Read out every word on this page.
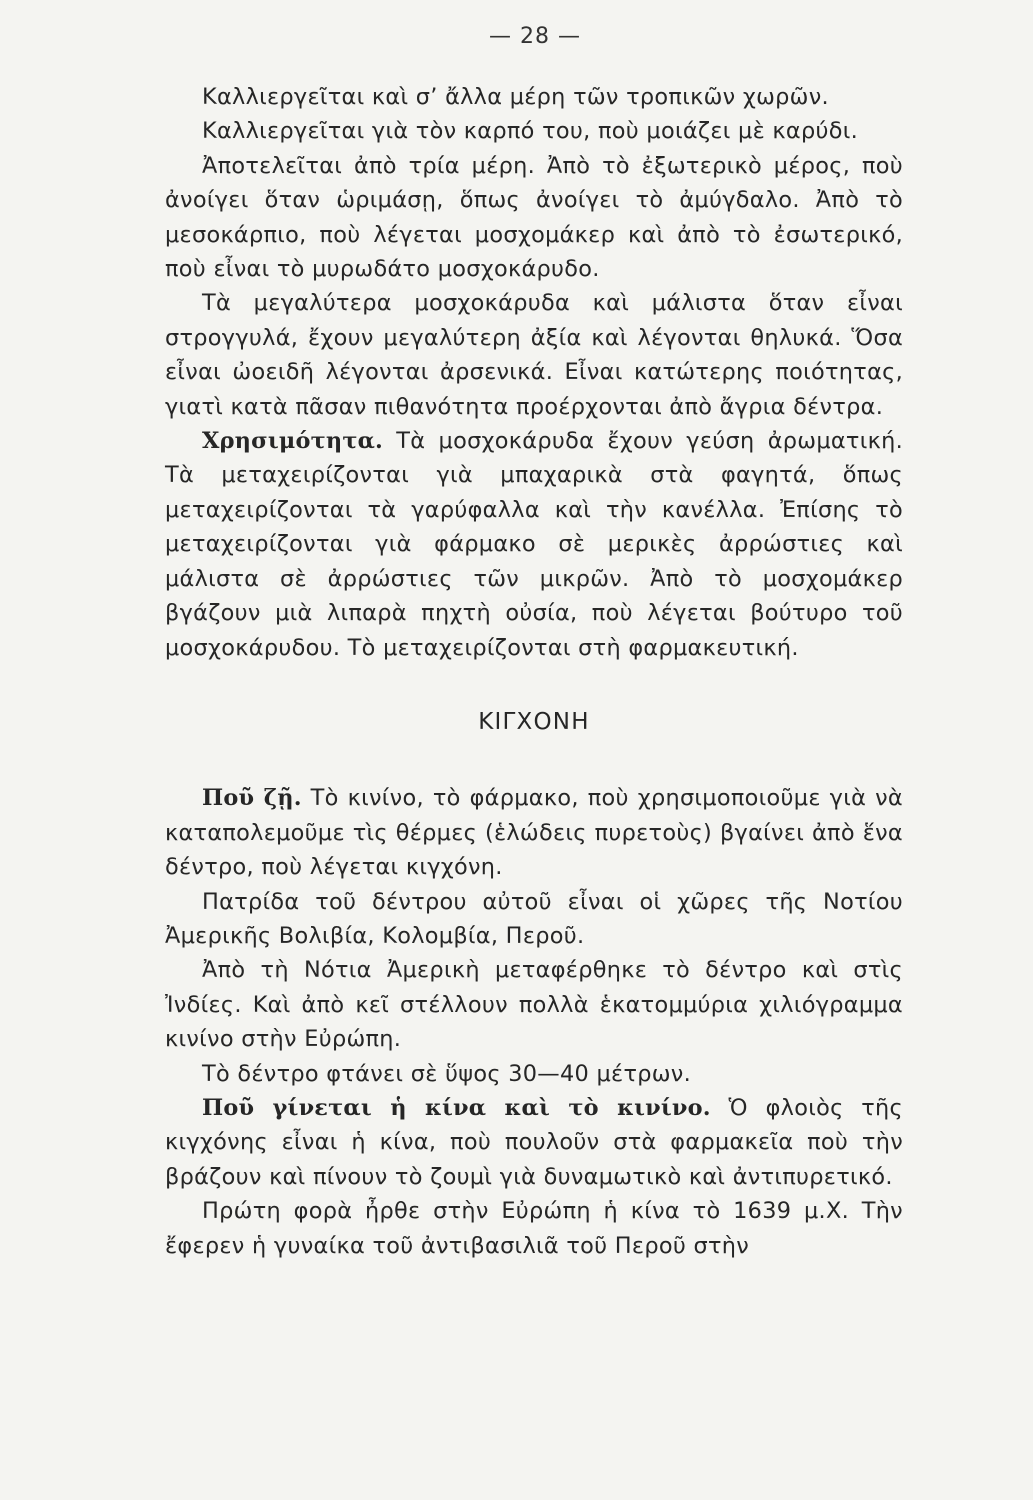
— 28 —

Καλλιεργεῖται καὶ σ’ ἄλλα μέρη τῶν τροπικῶν χωρῶν.

Καλλιεργεῖται γιὰ τὸν καρπό του, ποὺ μοιάζει μὲ καρύδι.

Ἀποτελεῖται ἀπὸ τρία μέρη. Ἀπὸ τὸ ἐξωτερικὸ μέρος, ποὺ ἀνοίγει ὅταν ὡριμάσῃ, ὅπως ἀνοίγει τὸ ἀμύγδαλο. Ἀπὸ τὸ μεσοκάρπιο, ποὺ λέγεται μοσχομάκερ καὶ ἀπὸ τὸ ἐσωτερικό, ποὺ εἶναι τὸ μυρωδάτο μοσχοκάρυδο.

Τὰ μεγαλύτερα μοσχοκάρυδα καὶ μάλιστα ὅταν εἶναι στρογγυλά, ἔχουν μεγαλύτερη ἀξία καὶ λέγονται θηλυκά. Ὅσα εἶναι ὠοειδῆ λέγονται ἀρσενικά. Εἶναι κατώτερης ποιότητας, γιατὶ κατὰ πᾶσαν πιθανότητα προέρχονται ἀπὸ ἄγρια δέντρα.

Χρησιμότητα. Τὰ μοσχοκάρυδα ἔχουν γεύση ἀρωματική. Τὰ μεταχειρίζονται γιὰ μπαχαρικὰ στὰ φαγητά, ὅπως μεταχειρίζονται τὰ γαρύφαλλα καὶ τὴν κανέλλα. Ἐπίσης τὸ μεταχειρίζονται γιὰ φάρμακο σὲ μερικὲς ἀρρώστιες καὶ μάλιστα σὲ ἀρρώστιες τῶν μικρῶν. Ἀπὸ τὸ μοσχομάκερ βγάζουν μιὰ λιπαρὰ πηχτὴ οὐσία, ποὺ λέγεται βούτυρο τοῦ μοσχοκάρυδου. Τὸ μεταχειρίζονται στὴ φαρμακευτική.

ΚΙΓΧΟΝΗ

Ποῦ ζῇ. Τὸ κινίνο, τὸ φάρμακο, ποὺ χρησιμοποιοῦμε γιὰ νὰ καταπολεμοῦμε τὶς θέρμες (ἑλώδεις πυρετοὺς) βγαίνει ἀπὸ ἕνα δέντρο, ποὺ λέγεται κιγχόνη.

Πατρίδα τοῦ δέντρου αὐτοῦ εἶναι οἱ χῶρες τῆς Νοτίου Ἀμερικῆς Βολιβία, Κολομβία, Περοῦ.

Ἀπὸ τὴ Νότια Ἀμερικὴ μεταφέρθηκε τὸ δέντρο καὶ στὶς Ἰνδίες. Καὶ ἀπὸ κεῖ στέλλουν πολλὰ ἑκατομμύρια χιλιόγραμμα κινίνο στὴν Εὐρώπη.

Τὸ δέντρο φτάνει σὲ ὕψος 30—40 μέτρων.

Ποῦ γίνεται ἡ κίνα καὶ τὸ κινίνο. Ὁ φλοιὸς τῆς κιγχόνης εἶναι ἡ κίνα, ποὺ πουλοῦν στὰ φαρμακεῖα ποὺ τὴν βράζουν καὶ πίνουν τὸ ζουμὶ γιὰ δυναμωτικὸ καὶ ἀντιπυρετικό.

Πρώτη φορὰ ἦρθε στὴν Εὐρώπη ἡ κίνα τὸ 1639 μ.Χ. Τὴν ἔφερεν ἡ γυναίκα τοῦ ἀντιβασιλιᾶ τοῦ Περοῦ στὴν
